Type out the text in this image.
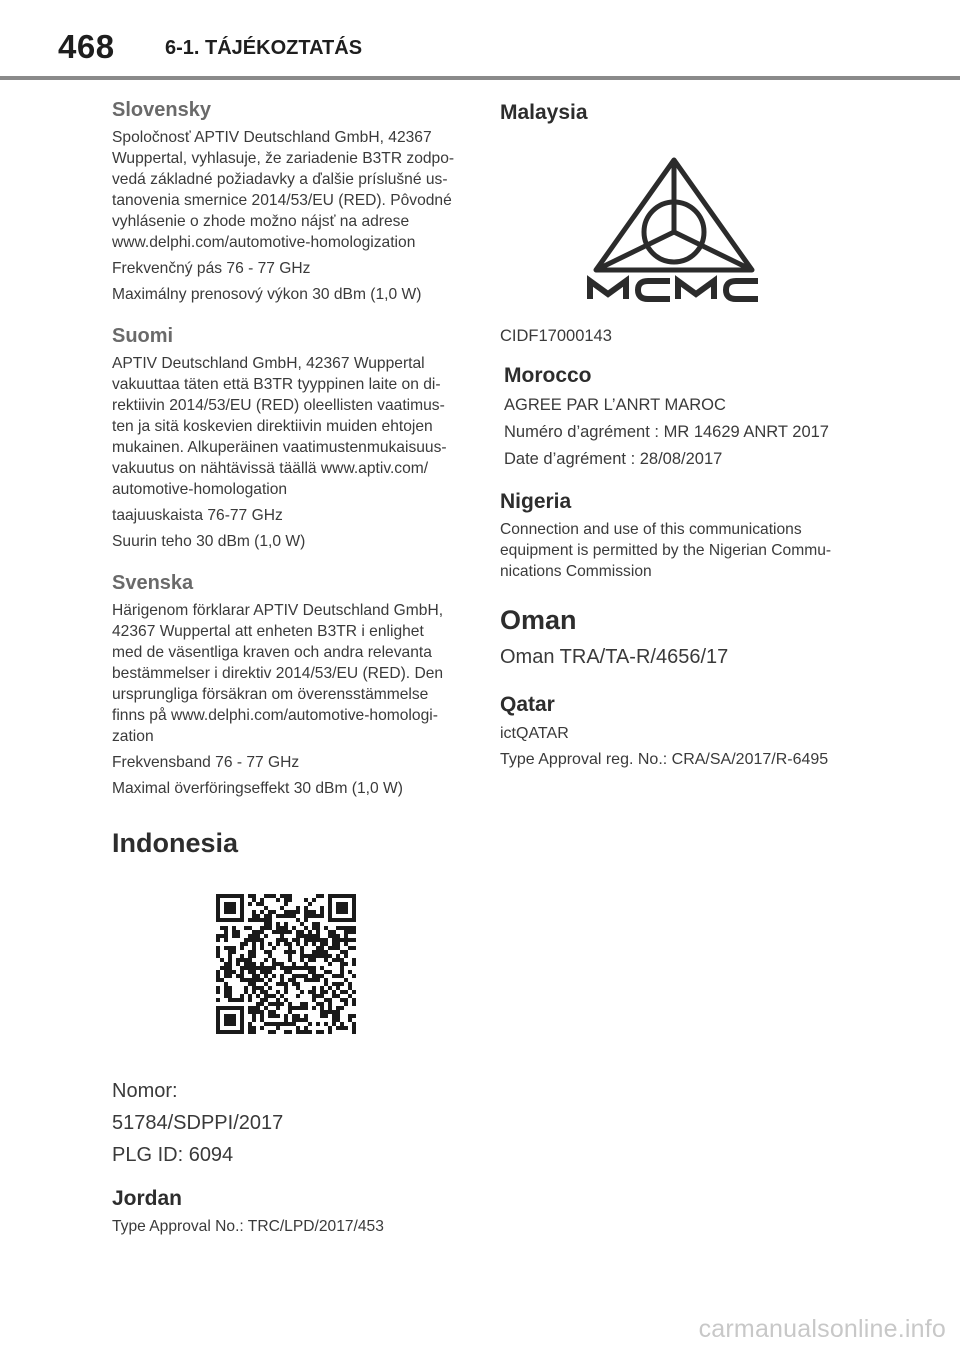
468	6-1. TÁJÉKOZTATÁS
Slovensky

Spoločnosť APTIV Deutschland GmbH, 42367

Wuppertal, vyhlasuje, že zariadenie B3TR zodpo-

vedá základné požiadavky a ďalšie príslušné us-

tanovenia smernice 2014/53/EU (RED). Pôvodné

vyhlásenie o zhode možno nájsť na adrese

www.delphi.com/automotive-homologization

Frekvenčný pás 76 - 77 GHz

Maximálny prenosový výkon 30 dBm (1,0 W)

Suomi

APTIV Deutschland GmbH, 42367 Wuppertal

vakuuttaa täten että B3TR tyyppinen laite on di-

rektiivin 2014/53/EU (RED) oleellisten vaatimus-

ten ja sitä koskevien direktiivin muiden ehtojen

mukainen. Alkuperäinen vaatimustenmukaisuus-

vakuutus on nähtävissä täällä www.aptiv.com/

automotive-homologation

taajuuskaista 76-77 GHz

Suurin teho 30 dBm (1,0 W)

Svenska

Härigenom förklarar APTIV Deutschland GmbH,

42367 Wuppertal att enheten B3TR i enlighet

med de väsentliga kraven och andra relevanta

bestämmelser i direktiv 2014/53/EU (RED). Den

ursprungliga försäkran om överensstämmelse

finns på www.delphi.com/automotive-homologi-

zation

Frekvensband 76 - 77 GHz

Maximal överföringseffekt 30 dBm (1,0 W)

Indonesia

Nomor:

51784/SDPPI/2017

PLG ID: 6094

Jordan

Type Approval No.: TRC/LPD/2017/453

Malaysia

CIDF17000143

Morocco

AGREE PAR L’ANRT MAROC

Numéro d’agrément : MR 14629 ANRT 2017

Date d’agrément : 28/08/2017

Nigeria

Connection and use of this communications

equipment is permitted by the Nigerian Commu-

nications Commission

Oman

Oman TRA/TA-R/4656/17

Qatar

ictQATAR

Type Approval reg. No.: CRA/SA/2017/R-6495

carmanualsonline.info
